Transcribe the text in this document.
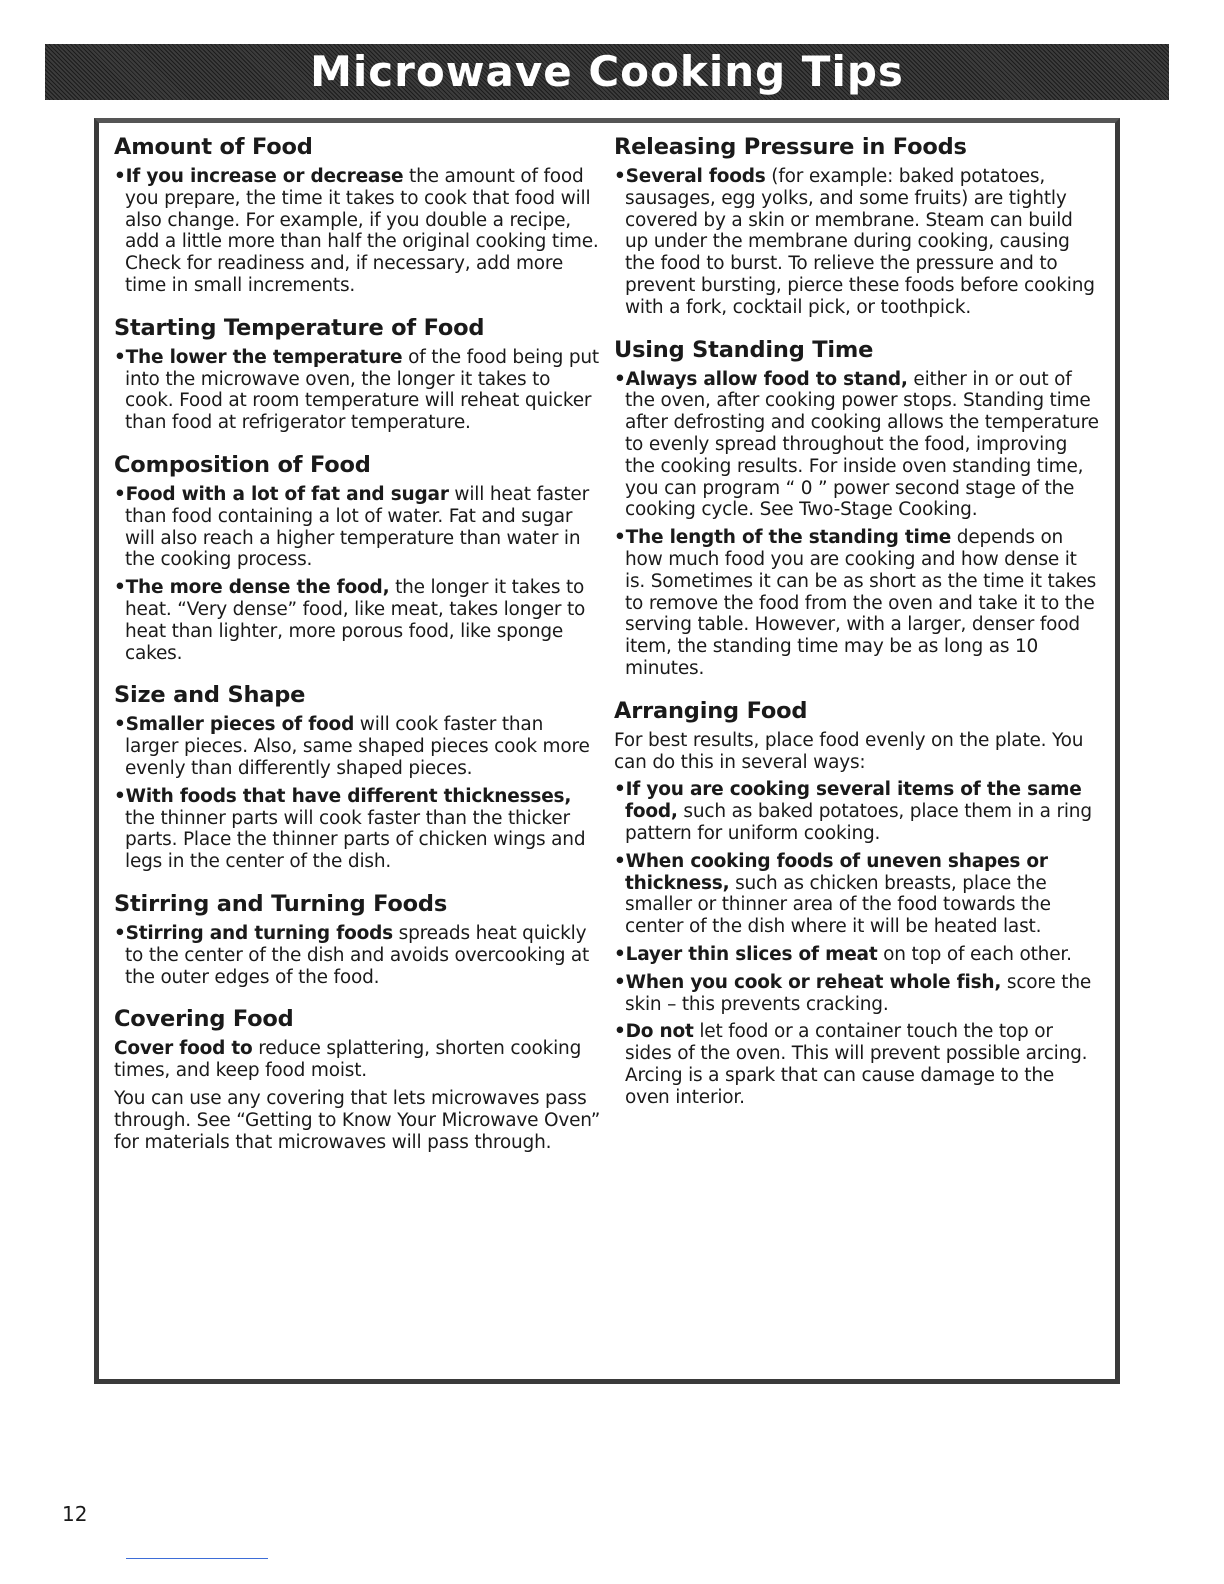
Microwave Cooking Tips
Amount of Food
•If you increase or decrease the amount of food you prepare, the time it takes to cook that food will also change. For example, if you double a recipe, add a little more than half the original cooking time. Check for readiness and, if necessary, add more time in small increments.
Starting Temperature of Food
•The lower the temperature of the food being put into the microwave oven, the longer it takes to cook. Food at room temperature will reheat quicker than food at refrigerator temperature.
Composition of Food
•Food with a lot of fat and sugar will heat faster than food containing a lot of water. Fat and sugar will also reach a higher temperature than water in the cooking process.
•The more dense the food, the longer it takes to heat. “Very dense” food, like meat, takes longer to heat than lighter, more porous food, like sponge cakes.
Size and Shape
•Smaller pieces of food will cook faster than larger pieces. Also, same shaped pieces cook more evenly than differently shaped pieces.
•With foods that have different thicknesses, the thinner parts will cook faster than the thicker parts. Place the thinner parts of chicken wings and legs in the center of the dish.
Stirring and Turning Foods
•Stirring and turning foods spreads heat quickly to the center of the dish and avoids overcooking at the outer edges of the food.
Covering Food

Cover food to reduce splattering, shorten cooking times, and keep food moist.

You can use any covering that lets microwaves pass through. See “Getting to Know Your Microwave Oven” for materials that microwaves will pass through.

Releasing Pressure in Foods
•Several foods (for example: baked potatoes, sausages, egg yolks, and some fruits) are tightly covered by a skin or membrane. Steam can build up under the membrane during cooking, causing the food to burst. To relieve the pressure and to prevent bursting, pierce these foods before cooking with a fork, cocktail pick, or toothpick.
Using Standing Time
•Always allow food to stand, either in or out of the oven, after cooking power stops. Standing time after defrosting and cooking allows the temperature to evenly spread throughout the food, improving the cooking results. For inside oven standing time, you can program “ 0 ” power second stage of the cooking cycle. See Two-Stage Cooking.
•The length of the standing time depends on how much food you are cooking and how dense it is. Sometimes it can be as short as the time it takes to remove the food from the oven and take it to the serving table. However, with a larger, denser food item, the standing time may be as long as 10 minutes.
Arranging Food

For best results, place food evenly on the plate. You can do this in several ways:

•If you are cooking several items of the same food, such as baked potatoes, place them in a ring pattern for uniform cooking.
•When cooking foods of uneven shapes or thickness, such as chicken breasts, place the smaller or thinner area of the food towards the center of the dish where it will be heated last.
•Layer thin slices of meat on top of each other.
•When you cook or reheat whole fish, score the skin – this prevents cracking.
•Do not let food or a container touch the top or sides of the oven. This will prevent possible arcing. Arcing is a spark that can cause damage to the oven interior.
12
